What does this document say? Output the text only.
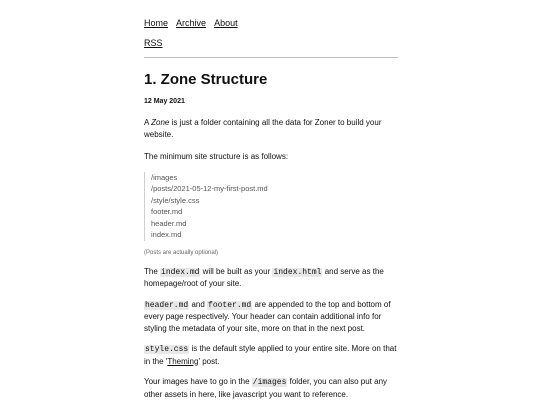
Home Archive About
RSS
1. Zone Structure
12 May 2021

A Zone is just a folder containing all the data for Zoner to build your website.

The minimum site structure is as follows:

/images
/posts/2021-05-12-my-first-post.md
/style/style.css
footer.md
header.md
index.md
(Posts are actually optional)

The index.md will be built as your index.html and serve as the homepage/root of your site.

header.md and footer.md are appended to the top and bottom of every page respectively. Your header can contain additional info for styling the metadata of your site, more on that in the next post.

style.css is the default style applied to your entire site. More on that in the 'Theming' post.

Your images have to go in the /images folder, you can also put any other assets in here, like javascript you want to reference.
